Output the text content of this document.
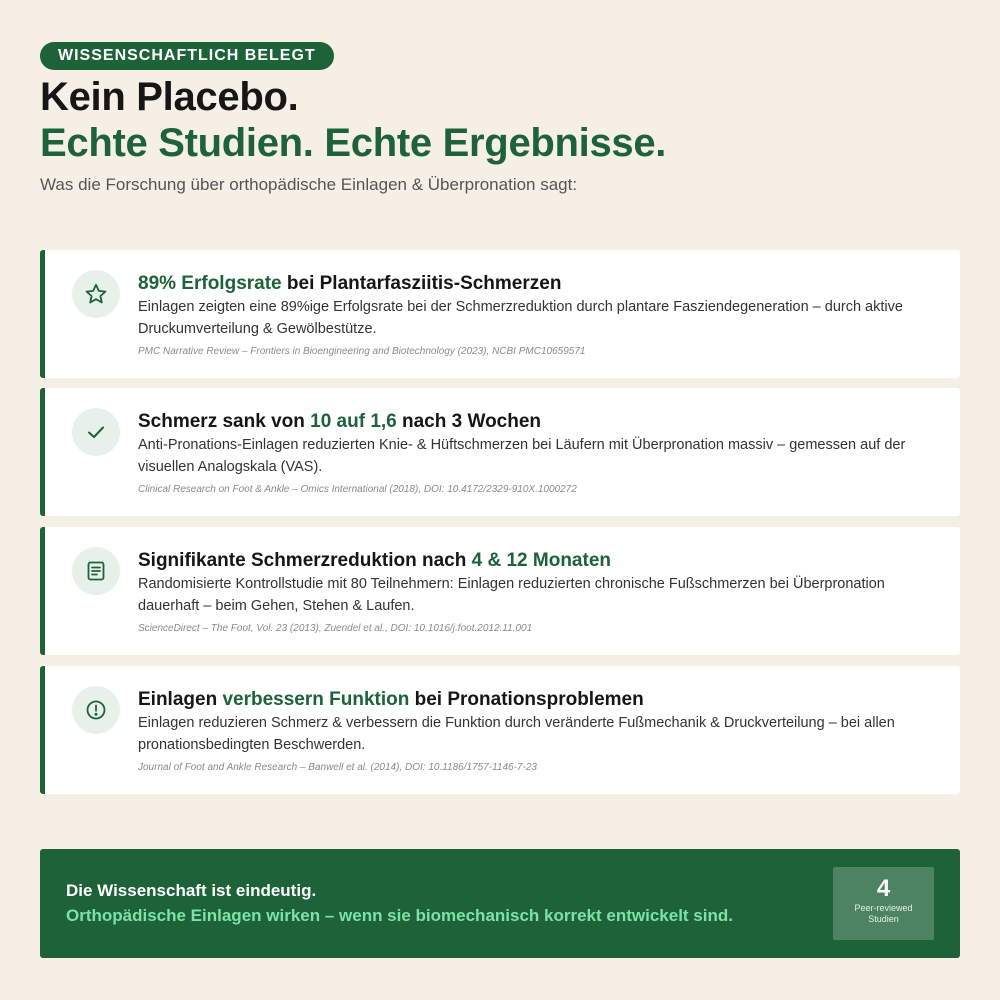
WISSENSCHAFTLICH BELEGT
Kein Placebo.
Echte Studien. Echte Ergebnisse.
Was die Forschung über orthopädische Einlagen & Überpronation sagt:
89% Erfolgsrate bei Plantarfasziitis-Schmerzen
Einlagen zeigten eine 89%ige Erfolgsrate bei der Schmerzreduktion durch plantare Fasziendegeneration – durch aktive Druckumverteilung & Gewölbestütze.
PMC Narrative Review – Frontiers in Bioengineering and Biotechnology (2023), NCBI PMC10659571
Schmerz sank von 10 auf 1,6 nach 3 Wochen
Anti-Pronations-Einlagen reduzierten Knie- & Hüftschmerzen bei Läufern mit Überpronation massiv – gemessen auf der visuellen Analogskala (VAS).
Clinical Research on Foot & Ankle – Omics International (2018), DOI: 10.4172/2329-910X.1000272
Signifikante Schmerzreduktion nach 4 & 12 Monaten
Randomisierte Kontrollstudie mit 80 Teilnehmern: Einlagen reduzierten chronische Fußschmerzen bei Überpronation dauerhaft – beim Gehen, Stehen & Laufen.
ScienceDirect – The Foot, Vol. 23 (2013), Zuendel et al., DOI: 10.1016/j.foot.2012.11.001
Einlagen verbessern Funktion bei Pronationsproblemen
Einlagen reduzieren Schmerz & verbessern die Funktion durch veränderte Fußmechanik & Druckverteilung – bei allen pronationsbedingten Beschwerden.
Journal of Foot and Ankle Research – Banwell et al. (2014), DOI: 10.1186/1757-1146-7-23
Die Wissenschaft ist eindeutig.
Orthopädische Einlagen wirken – wenn sie biomechanisch korrekt entwickelt sind.
4
Peer-reviewed Studien
